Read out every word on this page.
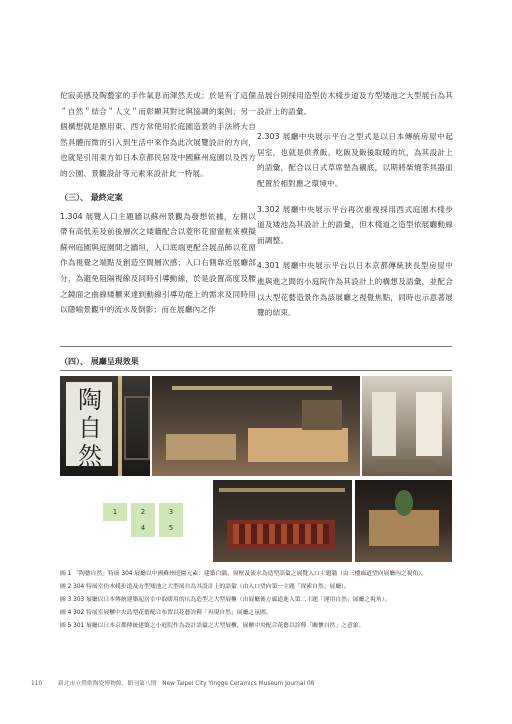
佗寂美感及陶藝家的手作氣息而渾然天成；於是有了這個＂自然＂結合＂人文＂而彰顯其對比與協調的案例；另一個構想就是應用東、西方常使用於庭園造景的手法將大自然具體而微的引入到生活中來作為此次展覽設計的方向，也就是引用東方如日本京都民居及中國蘇州庭園以及西方的公園、景觀設計等元素來設計此一特展。

（三）、 最終定案

1.304 展覽入口主題牆以蘇州景觀為發想依據，左側以帶有高低差及前後層次之矮牆配合以菱形花窗窗框來模擬蘇州庭園與庭園間之牆垣，入口底端更配合展品飾以花窗作為視覺之端點及創造空間層次感；入口右側靠近展廳部分，為避免阻隔視線及同時引導動線，於是設置高度及腰之鏡面之曲線矮櫃來達到動線引導功能上的需求及同時用以隱喻景觀中的流水及倒影；而在展廳內之作

品展台則採用造型仿木棧步道及方型矮池之大型展台為其設計上的語彙。

2.303 展廳中央展示平台之型式是以日本傳統房屋中起居室，也就是供煮飯、吃飯及飯後取暖的坑，為其設計上的語彙，配合以日式草席墊為襯底，以期將柴燒茶具器皿配置於相對應之環境中。

3.302 展廳中央展示平台再次重複採用西式庭園木棧步道及矮池為其設計上的語彙，但木棧道之造型依展廳動線而調整。

4.301 展廳中央展示平台以日本京都傳統狹長型房屋中進與進之間的小庭院作為其設計上的構想及語彙，並配合以大型花藝造景作為該展廳之視覺焦點，同時也示意著展覽的結束。

（四）、 展廳呈現效果
陶 自然
1	2	3
4	5
圖 1 「陶藝自然」特展 304 展廳以中國蘇州庭園元素：建築白牆、窗框及流水為造型語彙之展覽入口主題牆（由三樓廊道望向展廳內之視角）。
圖 2 304 特展室仿木棧步道及方型矮池之大型展台為其設計上的語彙（由入口望向第一主題「探索自然」展廳）。
圖 3 303 展廳以日本傳統建築起居室中取暖用的坑為造型之大型展櫃（由展廳後方廊道進入第二主題「運用自然」展廳之視角）。
圖 4 302 特展室展櫃中央島型花藝配合布置以花藝詮釋「再現自然」展廳之氛圍。
圖 5 301 展廳以日本京都傳統建築之小庭院作為設計語彙之大型展櫃，展櫃中央配合花藝以詮釋「關懷自然」之意象。
110	新北市立鶯歌陶瓷博物館．館刊第八期　New Taipei City Yingge Ceramics Museum Journal 08
